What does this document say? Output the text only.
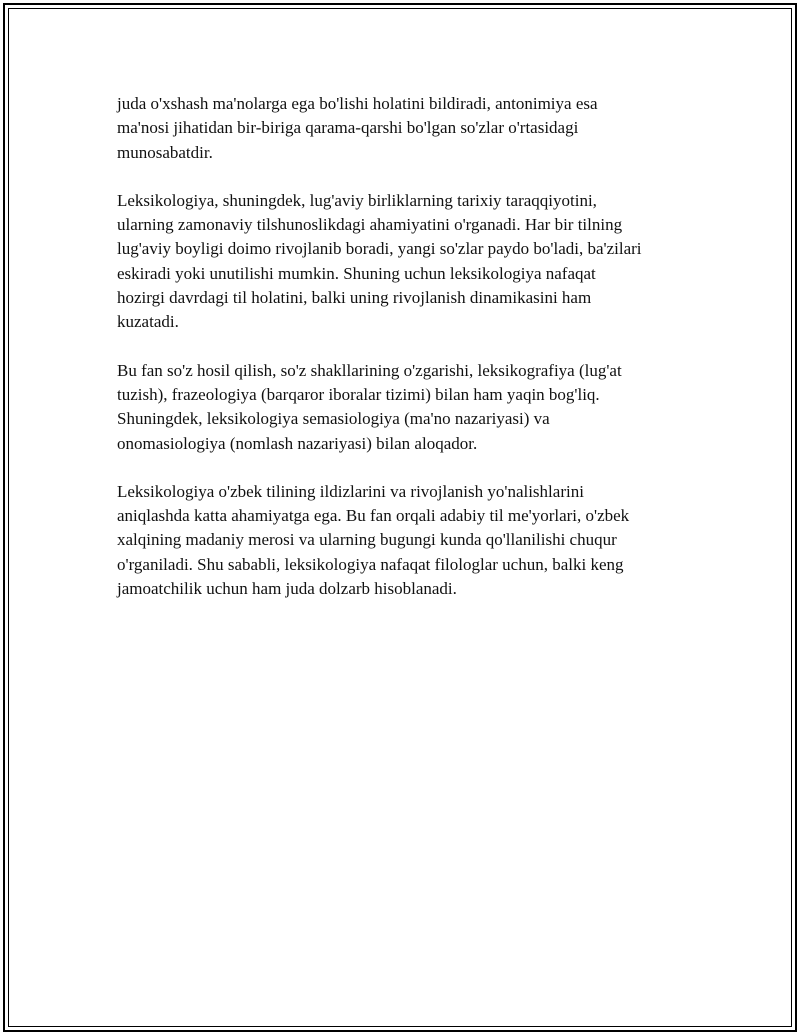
juda o'xshash ma'nolarga ega bo'lishi holatini bildiradi, antonimiya esa
ma'nosi jihatidan bir-biriga qarama-qarshi bo'lgan so'zlar o'rtasidagi
munosabatdir.

Leksikologiya, shuningdek, lug'aviy birliklarning tarixiy taraqqiyotini,
ularning zamonaviy tilshunoslikdagi ahamiyatini o'rganadi. Har bir tilning
lug'aviy boyligi doimo rivojlanib boradi, yangi so'zlar paydo bo'ladi, ba'zilari
eskiradi yoki unutilishi mumkin. Shuning uchun leksikologiya nafaqat
hozirgi davrdagi til holatini, balki uning rivojlanish dinamikasini ham
kuzatadi.

Bu fan so'z hosil qilish, so'z shakllarining o'zgarishi, leksikografiya (lug'at
tuzish), frazeologiya (barqaror iboralar tizimi) bilan ham yaqin bog'liq.
Shuningdek, leksikologiya semasiologiya (ma'no nazariyasi) va
onomasiologiya (nomlash nazariyasi) bilan aloqador.

Leksikologiya o'zbek tilining ildizlarini va rivojlanish yo'nalishlarini
aniqlashda katta ahamiyatga ega. Bu fan orqali adabiy til me'yorlari, o'zbek
xalqining madaniy merosi va ularning bugungi kunda qo'llanilishi chuqur
o'rganiladi. Shu sababli, leksikologiya nafaqat filologlar uchun, balki keng
jamoatchilik uchun ham juda dolzarb hisoblanadi.
